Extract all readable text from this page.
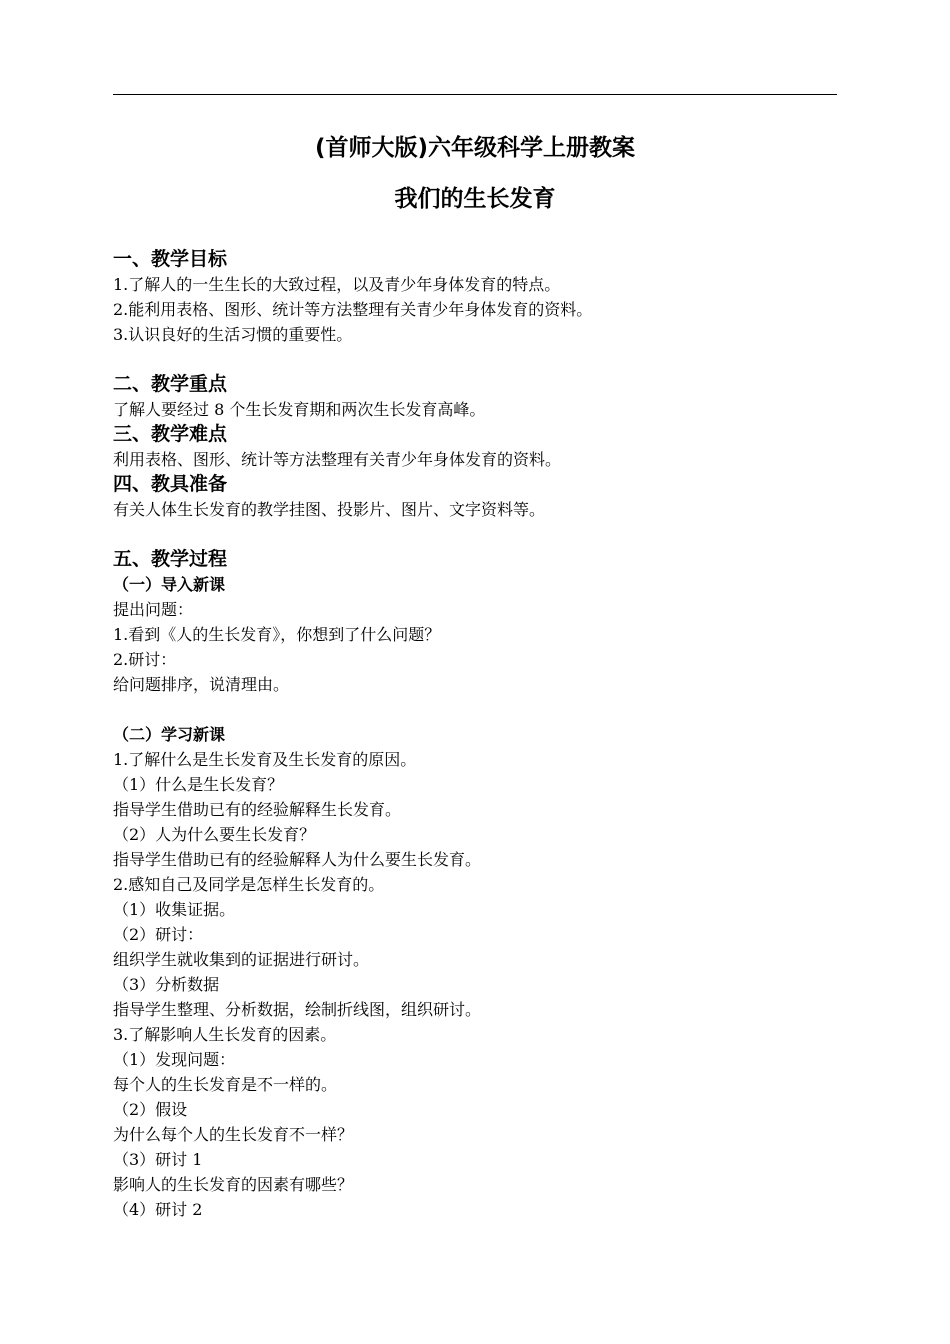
(首师大版)六年级科学上册教案
我们的生长发育
一、教学目标
1.了解人的一生生长的大致过程，以及青少年身体发育的特点。
2.能利用表格、图形、统计等方法整理有关青少年身体发育的资料。
3.认识良好的生活习惯的重要性。
二、教学重点
了解人要经过 8 个生长发育期和两次生长发育高峰。
三、教学难点
利用表格、图形、统计等方法整理有关青少年身体发育的资料。
四、教具准备
有关人体生长发育的教学挂图、投影片、图片、文字资料等。
五、教学过程
（一）导入新课
提出问题：
1.看到《人的生长发育》，你想到了什么问题？
2.研讨：
给问题排序，说清理由。
（二）学习新课
1.了解什么是生长发育及生长发育的原因。
（1）什么是生长发育？
指导学生借助已有的经验解释生长发育。
（2）人为什么要生长发育？
指导学生借助已有的经验解释人为什么要生长发育。
2.感知自己及同学是怎样生长发育的。
（1）收集证据。
（2）研讨：
组织学生就收集到的证据进行研讨。
（3）分析数据
指导学生整理、分析数据，绘制折线图，组织研讨。
3.了解影响人生长发育的因素。
（1）发现问题：
每个人的生长发育是不一样的。
（2）假设
为什么每个人的生长发育不一样？
（3）研讨 1
影响人的生长发育的因素有哪些？
（4）研讨 2
